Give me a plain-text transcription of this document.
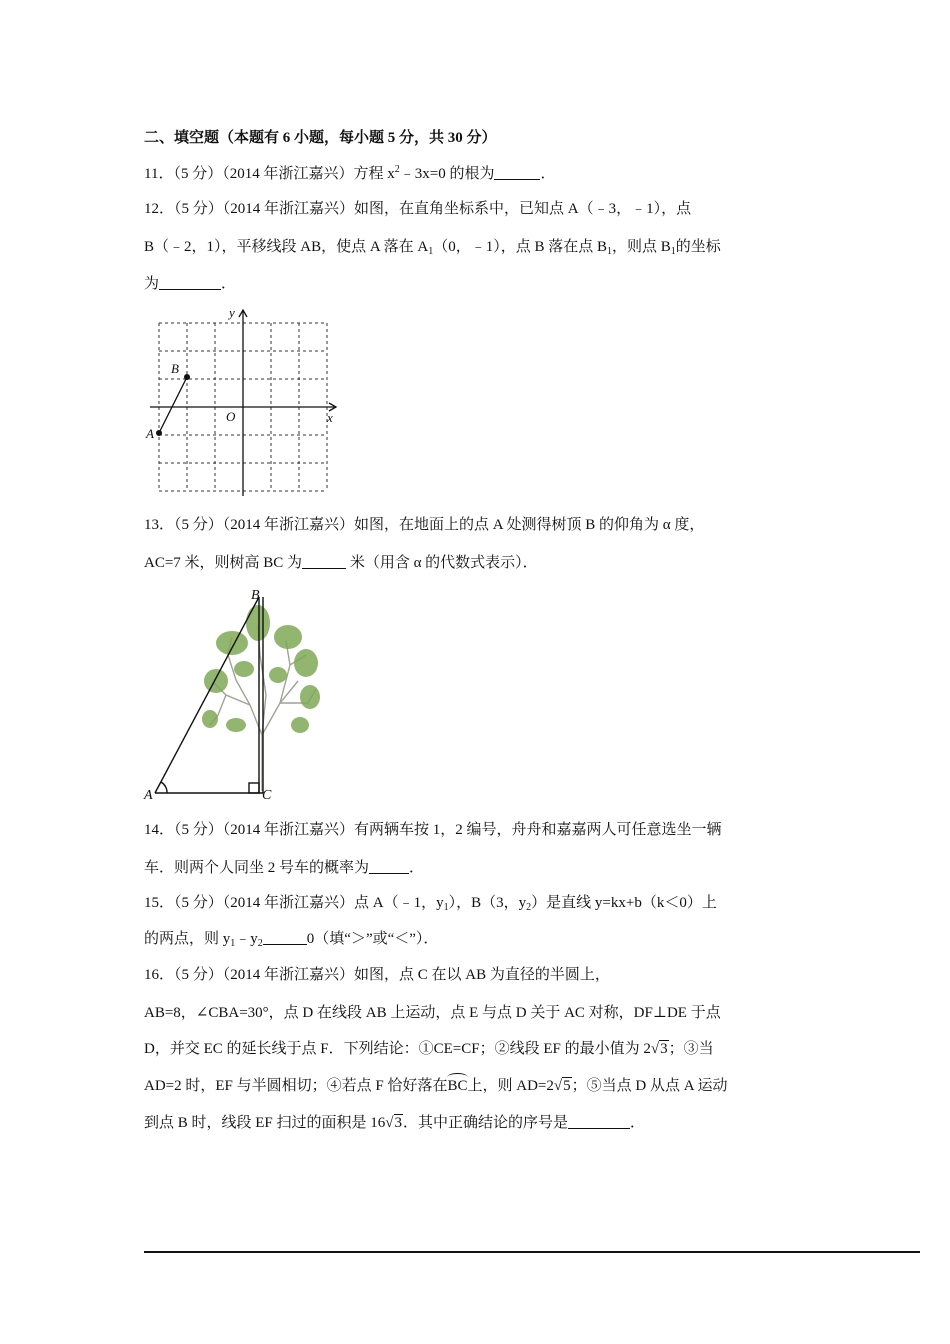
二、填空题（本题有 6 小题，每小题 5 分，共 30 分）
11．（5 分）（2014 年浙江嘉兴）方程 $x^2﹣3x=0$ 的根为	．
12．（5 分）（2014 年浙江嘉兴）如图，在直角坐标系中，已知点 A（﹣3，﹣1），点
B（﹣2，1），平移线段 AB，使点 A 落在 $A_1(0$，﹣1），点 B 落在点 $B_1$，则点 $B_1$的坐标
为	．
y
x
O
A
B
13．（5 分）（2014 年浙江嘉兴）如图，在地面上的点 A 处测得树顶 B 的仰角为 α 度，
AC=7 米，则树高 BC 为	米（用含 α 的代数式表示）．
A
B
C
14．（5 分）（2014 年浙江嘉兴）有两辆车按 1，2 编号，舟舟和嘉嘉两人可任意选坐一辆
车．则两个人同坐 2 号车的概率为	．
15．（5 分）（2014 年浙江嘉兴）点 A（﹣1，$y_1$），B（3，$y_2$）是直线 y=kx+b（k＜0）上
的两点，则 $y_1﹣y_2$	0（填“＞”或“＜”）．
16．（5 分）（2014 年浙江嘉兴）如图，点 C 在以 AB 为直径的半圆上，
AB=8，∠CBA=30°，点 D 在线段 AB 上运动，点 E 与点 D 关于 AC 对称，DF⊥DE 于点
D，并交 EC 的延长线于点 F．下列结论：①CE=CF；②线段 EF 的最小值为 2√3；③当
AD=2 时，EF 与半圆相切；④若点 F 恰好落在BC上，则 AD=2√5；⑤当点 D 从点 A 运动
到点 B 时，线段 EF 扫过的面积是 16√3．其中正确结论的序号是	．
